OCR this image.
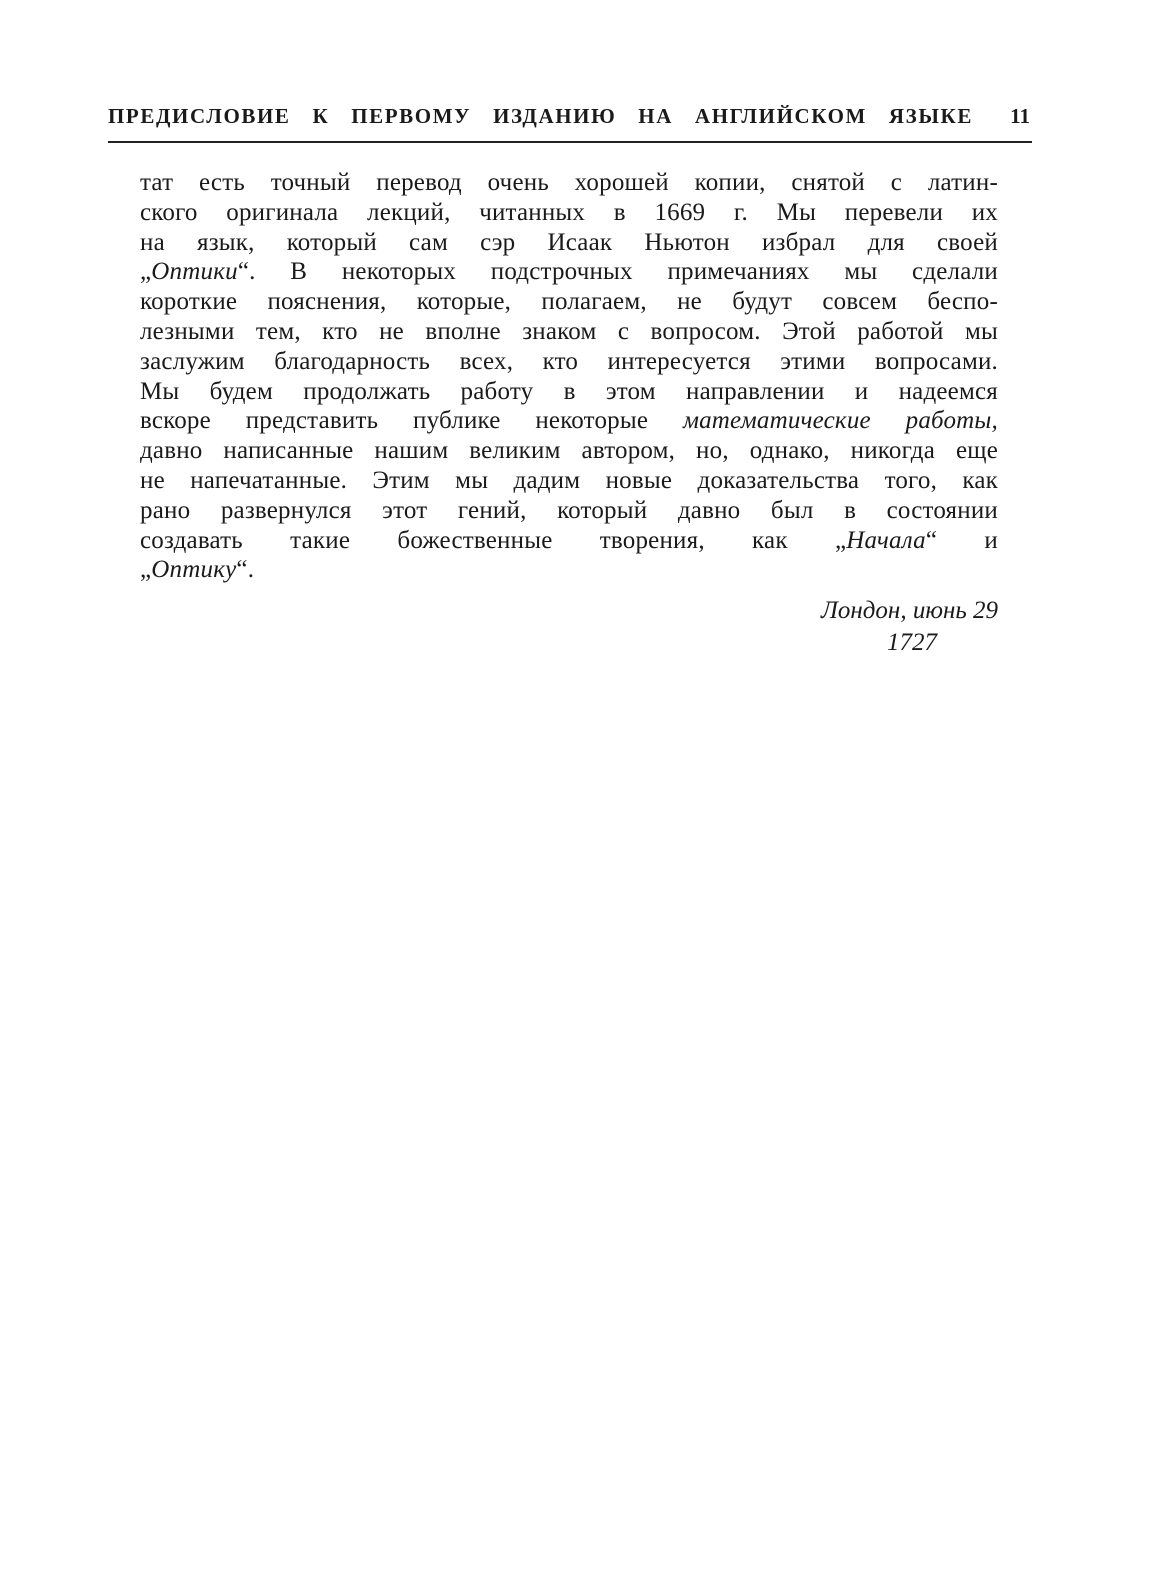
ПРЕДИСЛОВИЕ К ПЕРВОМУ ИЗДАНИЮ НА АНГЛИЙСКОМ ЯЗЫКЕ 11
тат есть точный перевод очень хорошей копии, снятой с латин-
ского оригинала лекций, читанных в 1669 г. Мы перевели их
на язык, который сам сэр Исаак Ньютон избрал для своей
„Оптики“. В некоторых подстрочных примечаниях мы сделали
короткие пояснения, которые, полагаем, не будут совсем беспо-
лезными тем, кто не вполне знаком с вопросом. Этой работой мы
заслужим благодарность всех, кто интересуется этими вопросами.
Мы будем продолжать работу в этом направлении и надеемся
вскоре представить публике некоторые математические работы,
давно написанные нашим великим автором, но, однако, никогда еще
не напечатанные. Этим мы дадим новые доказательства того, как
рано развернулся этот гений, который давно был в состоянии
создавать такие божественные творения, как „Начала“ и
„Оптику“.
Лондон, июнь 29
1727
